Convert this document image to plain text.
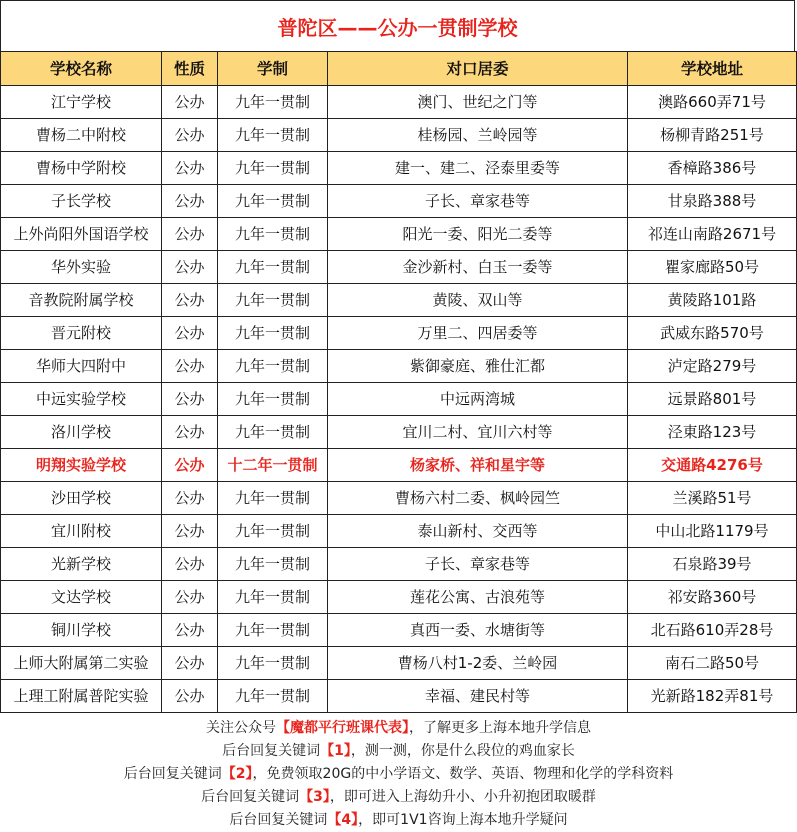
普陀区——公办一贯制学校
学校名称	性质	学制	对口居委	学校地址
江宁学校	公办	九年一贯制	澳门、世纪之门等	澳路660弄71号
曹杨二中附校	公办	九年一贯制	桂杨园、兰岭园等	杨柳青路251号
曹杨中学附校	公办	九年一贯制	建一、建二、泾泰里委等	香樟路386号
子长学校	公办	九年一贯制	子长、章家巷等	甘泉路388号
上外尚阳外国语学校	公办	九年一贯制	阳光一委、阳光二委等	祁连山南路2671号
华外实验	公办	九年一贯制	金沙新村、白玉一委等	瞿家廊路50号
音教院附属学校	公办	九年一贯制	黄陵、双山等	黄陵路101路
晋元附校	公办	九年一贯制	万里二、四居委等	武威东路570号
华师大四附中	公办	九年一贯制	紫御豪庭、雅仕汇都	泸定路279号
中远实验学校	公办	九年一贯制	中远两湾城	远景路801号
洛川学校	公办	九年一贯制	宜川二村、宜川六村等	泾東路123号
明翔实验学校	公办	十二年一贯制	杨家桥、祥和星宇等	交通路4276号
沙田学校	公办	九年一贯制	曹杨六村二委、枫岭园竺	兰溪路51号
宜川附校	公办	九年一贯制	泰山新村、交西等	中山北路1179号
光新学校	公办	九年一贯制	子长、章家巷等	石泉路39号
文达学校	公办	九年一贯制	莲花公寓、古浪苑等	祁安路360号
铜川学校	公办	九年一贯制	真西一委、水塘街等	北石路610弄28号
上师大附属第二实验	公办	九年一贯制	曹杨八村1-2委、兰岭园	南石二路50号
上理工附属普陀实验	公办	九年一贯制	幸福、建民村等	光新路182弄81号
关注公众号【魔都平行班课代表】，了解更多上海本地升学信息
后台回复关键词【1】，测一测，你是什么段位的鸡血家长
后台回复关键词【2】，免费领取20G的中小学语文、数学、英语、物理和化学的学科资料
后台回复关键词【3】，即可进入上海幼升小、小升初抱团取暖群
后台回复关键词【4】，即可1V1咨询上海本地升学疑问
